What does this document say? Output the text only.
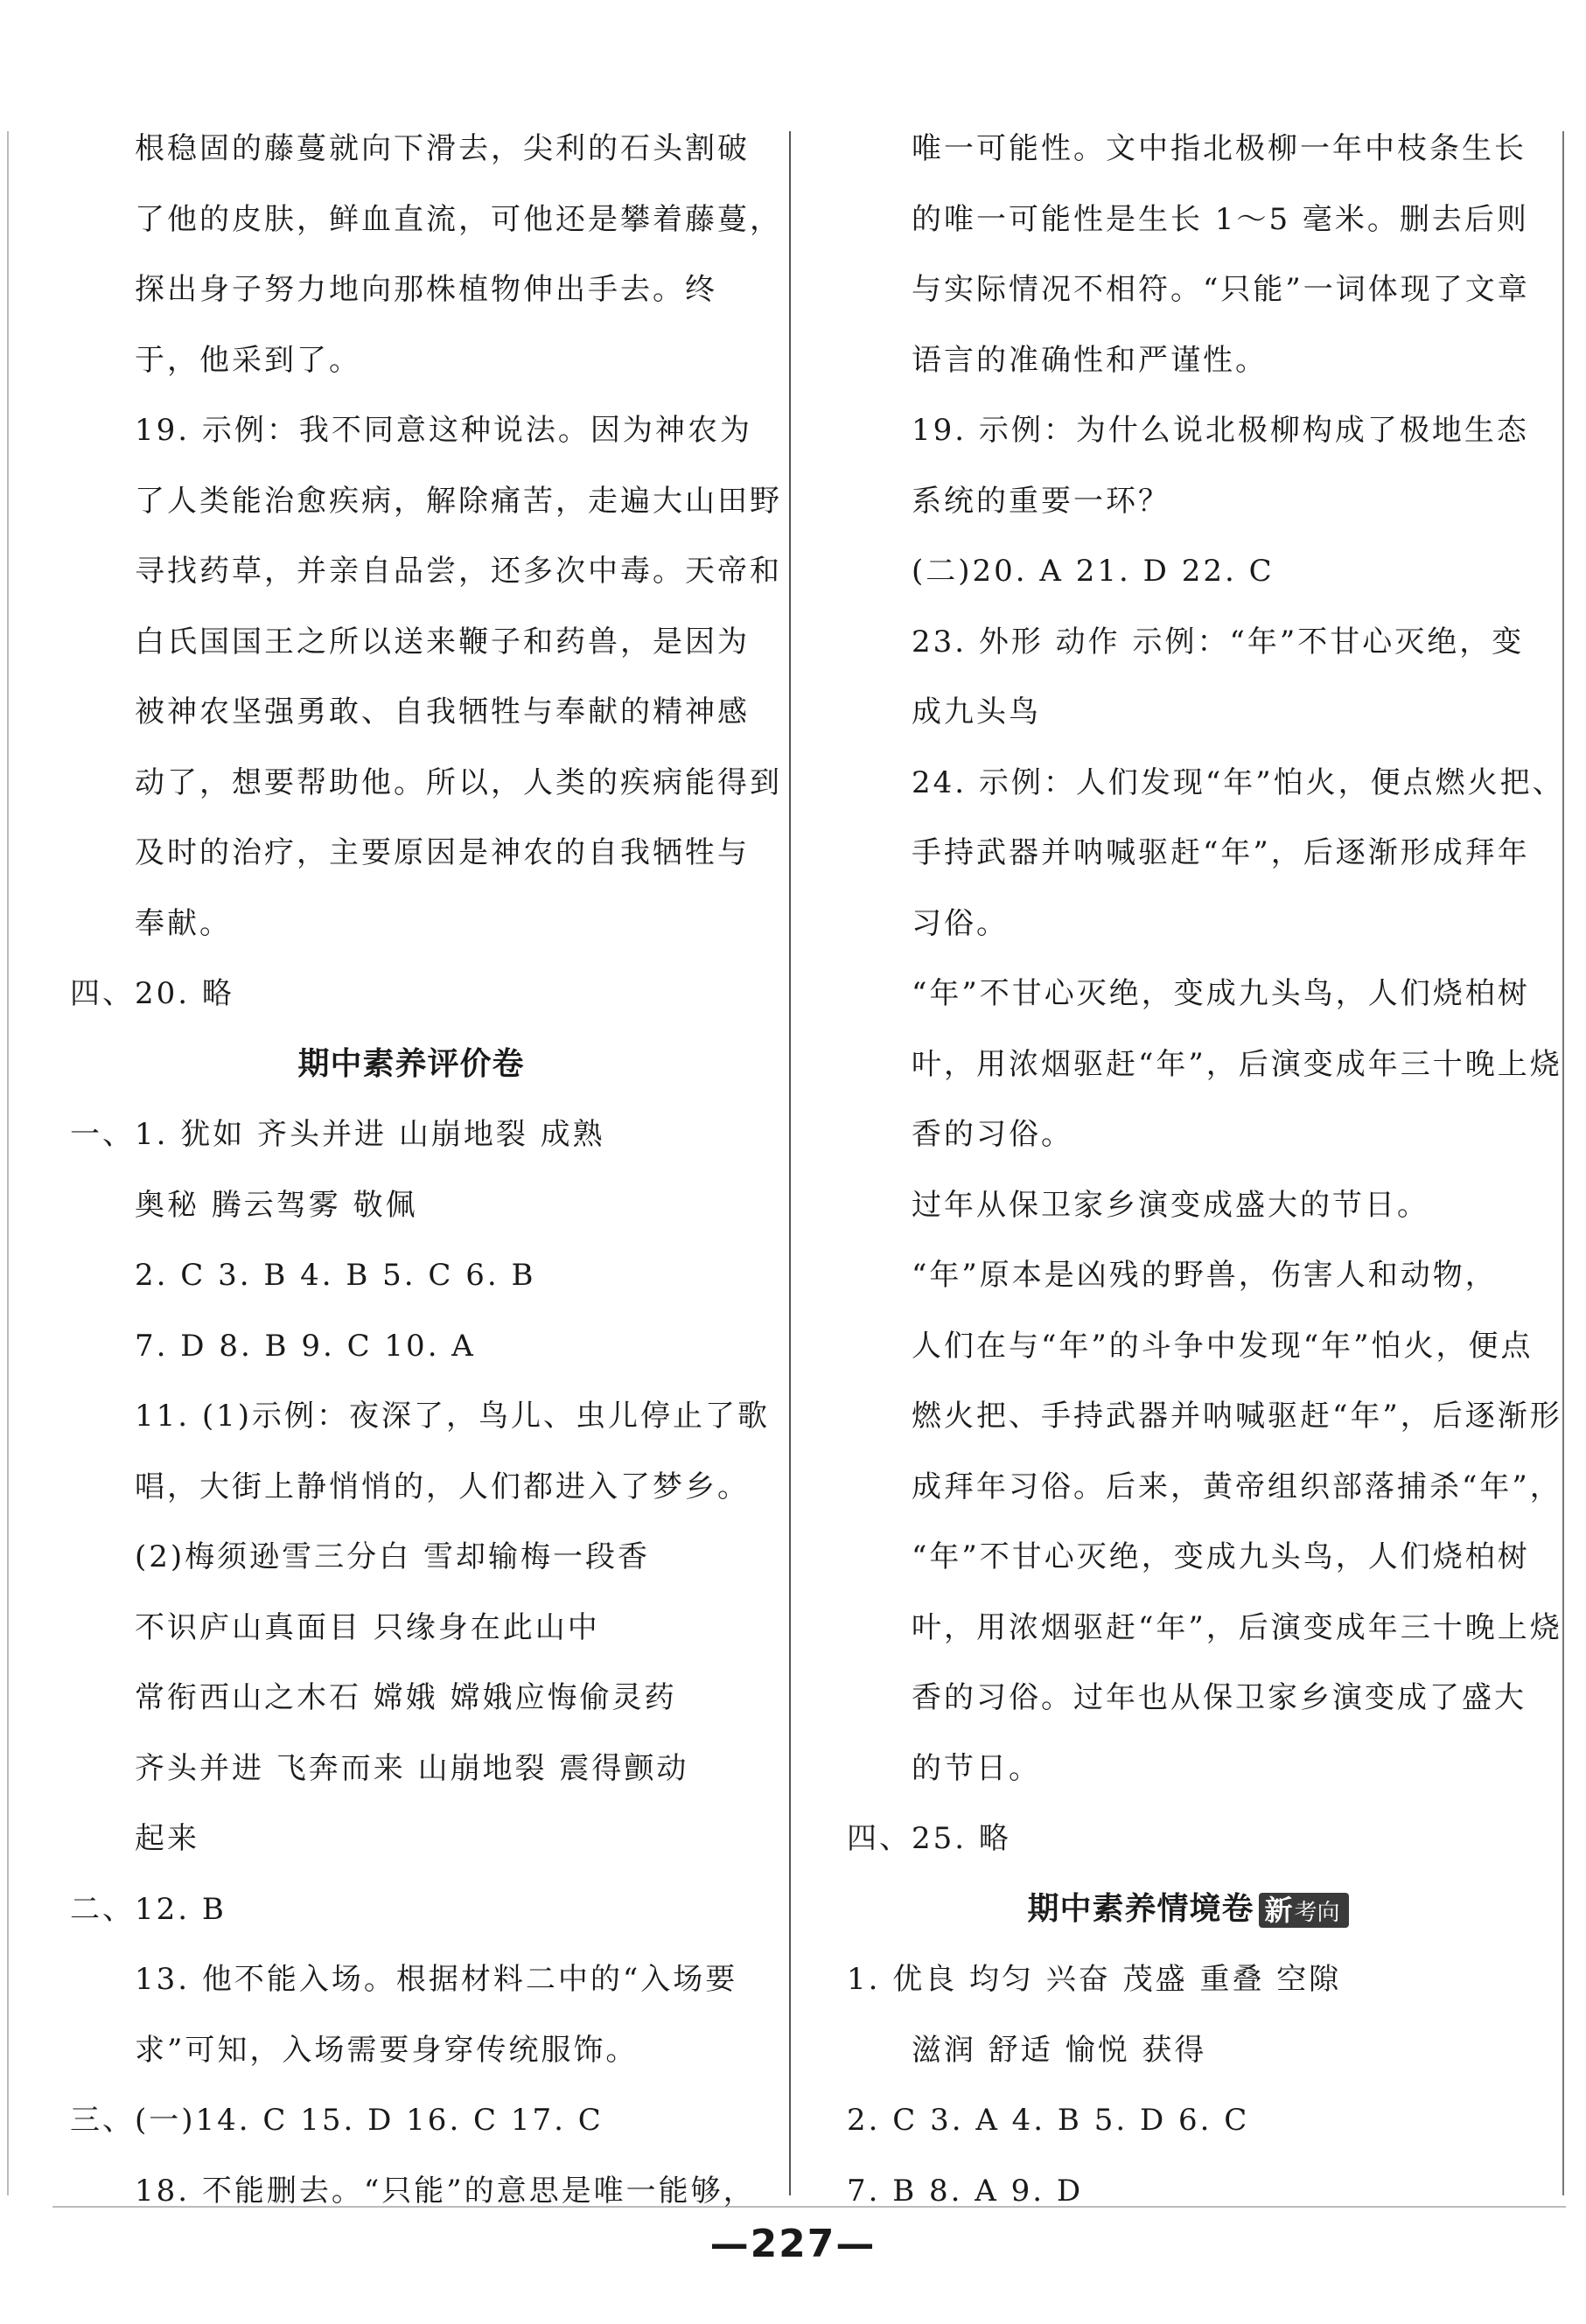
根稳固的藤蔓就向下滑去，尖利的石头割破
了他的皮肤，鲜血直流，可他还是攀着藤蔓，
探出身子努力地向那株植物伸出手去。终
于，他采到了。
19. 示例：我不同意这种说法。因为神农为
了人类能治愈疾病，解除痛苦，走遍大山田野
寻找药草，并亲自品尝，还多次中毒。天帝和
白氏国国王之所以送来鞭子和药兽，是因为
被神农坚强勇敢、自我牺牲与奉献的精神感
动了，想要帮助他。所以，人类的疾病能得到
及时的治疗，主要原因是神农的自我牺牲与
奉献。
四、20. 略
期中素养评价卷
一、1. 犹如 齐头并进 山崩地裂 成熟
奥秘 腾云驾雾 敬佩
2. C 3. B 4. B 5. C 6. B
7. D 8. B 9. C 10. A
11. (1)示例：夜深了，鸟儿、虫儿停止了歌
唱，大街上静悄悄的，人们都进入了梦乡。
(2)梅须逊雪三分白 雪却输梅一段香
不识庐山真面目 只缘身在此山中
常衔西山之木石 嫦娥 嫦娥应悔偷灵药
齐头并进 飞奔而来 山崩地裂 震得颤动
起来
二、12. B
13. 他不能入场。根据材料二中的“入场要
求”可知，入场需要身穿传统服饰。
三、(一)14. C 15. D 16. C 17. C
18. 不能删去。“只能”的意思是唯一能够，
唯一可能性。文中指北极柳一年中枝条生长
的唯一可能性是生长 1～5 毫米。删去后则
与实际情况不相符。“只能”一词体现了文章
语言的准确性和严谨性。
19. 示例：为什么说北极柳构成了极地生态
系统的重要一环？
(二)20. A 21. D 22. C
23. 外形 动作 示例：“年”不甘心灭绝，变
成九头鸟
24. 示例：人们发现“年”怕火，便点燃火把、
手持武器并呐喊驱赶“年”，后逐渐形成拜年
习俗。
“年”不甘心灭绝，变成九头鸟，人们烧柏树
叶，用浓烟驱赶“年”，后演变成年三十晚上烧
香的习俗。
过年从保卫家乡演变成盛大的节日。
“年”原本是凶残的野兽，伤害人和动物，
人们在与“年”的斗争中发现“年”怕火，便点
燃火把、手持武器并呐喊驱赶“年”，后逐渐形
成拜年习俗。后来，黄帝组织部落捕杀“年”，
“年”不甘心灭绝，变成九头鸟，人们烧柏树
叶，用浓烟驱赶“年”，后演变成年三十晚上烧
香的习俗。过年也从保卫家乡演变成了盛大
的节日。
四、25. 略
期中素养情境卷 新考向
1. 优良 均匀 兴奋 茂盛 重叠 空隙
滋润 舒适 愉悦 获得
2. C 3. A 4. B 5. D 6. C
7. B 8. A 9. D
—227—
